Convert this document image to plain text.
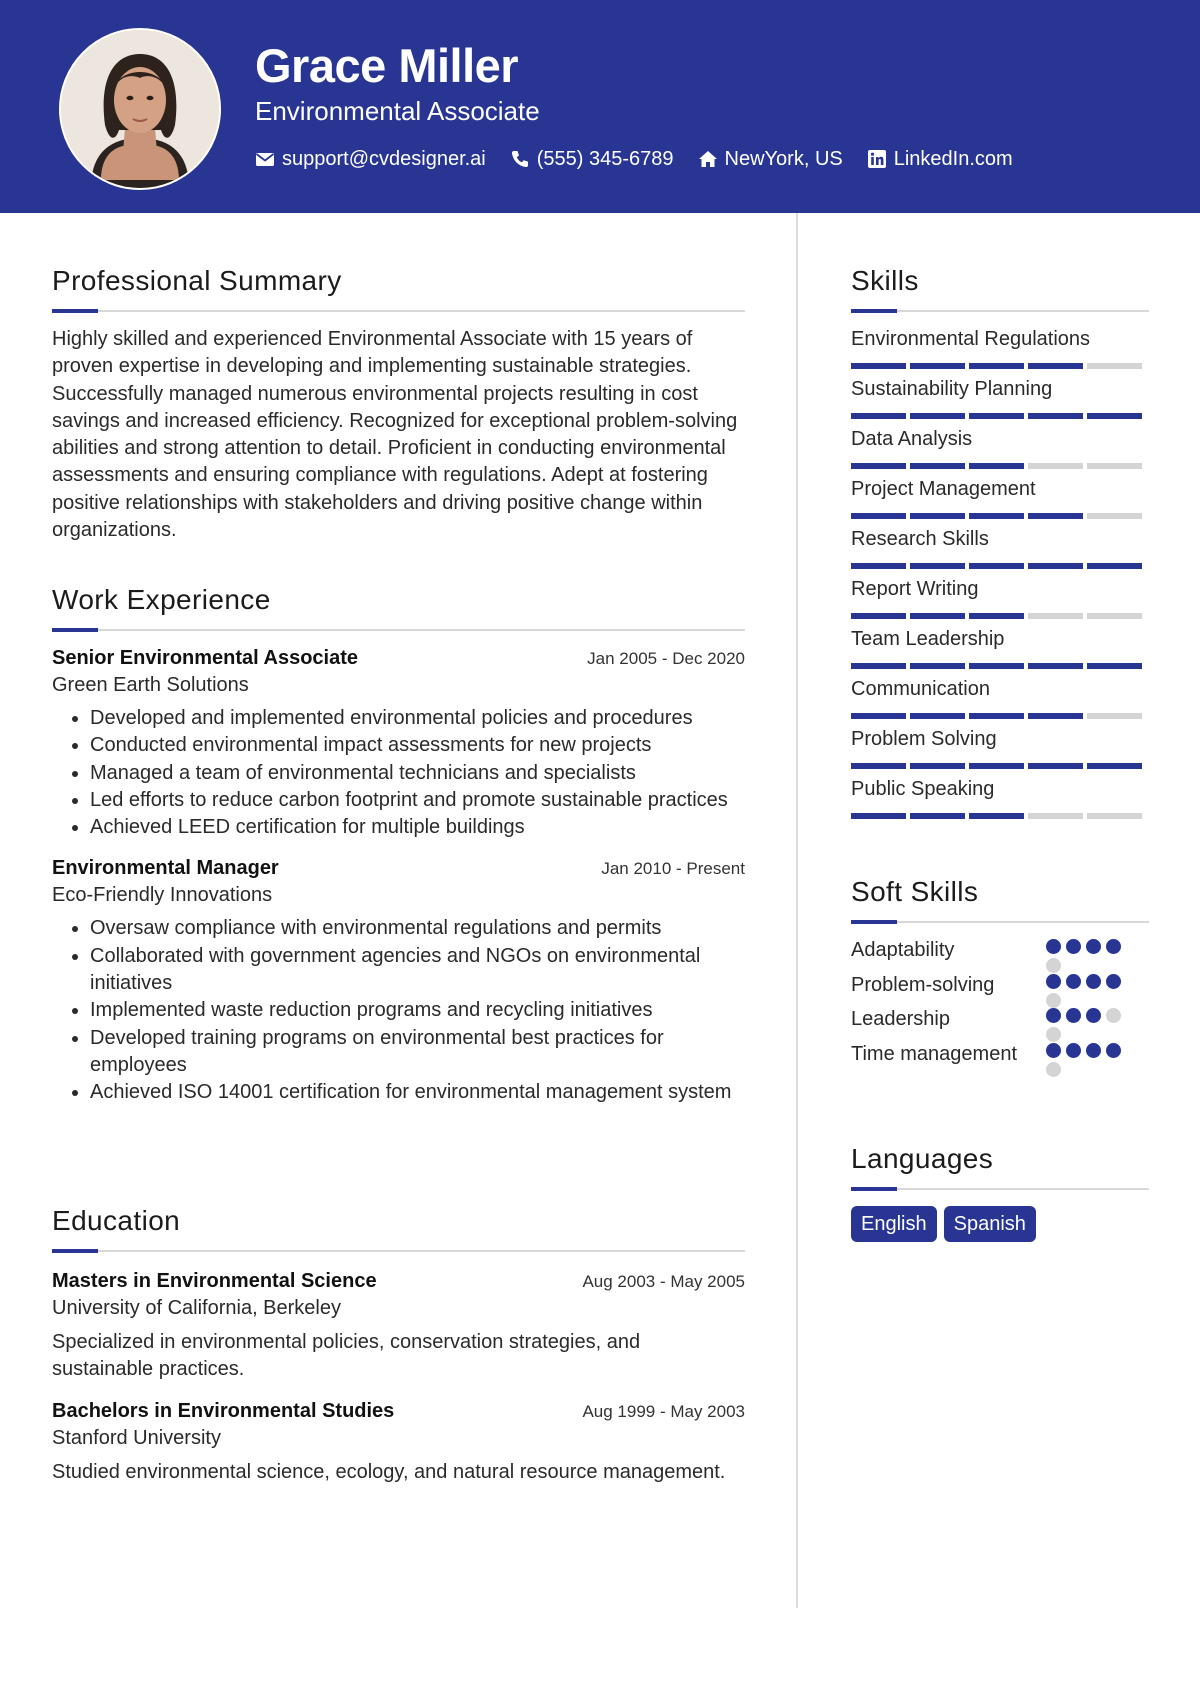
Grace Miller
Environmental Associate
support@cvdesigner.ai	(555) 345-6789	NewYork, US	LinkedIn.com
Professional Summary

Highly skilled and experienced Environmental Associate with 15 years of proven expertise in developing and implementing sustainable strategies. Successfully managed numerous environmental projects resulting in cost savings and increased efficiency. Recognized for exceptional problem-solving abilities and strong attention to detail. Proficient in conducting environmental assessments and ensuring compliance with regulations. Adept at fostering positive relationships with stakeholders and driving positive change within organizations.

Work Experience
Senior Environmental Associate	Jan 2005 - Dec 2020
Green Earth Solutions
• Developed and implemented environmental policies and procedures
• Conducted environmental impact assessments for new projects
• Managed a team of environmental technicians and specialists
• Led efforts to reduce carbon footprint and promote sustainable practices
• Achieved LEED certification for multiple buildings
Environmental Manager	Jan 2010 - Present
Eco-Friendly Innovations
• Oversaw compliance with environmental regulations and permits
• Collaborated with government agencies and NGOs on environmental initiatives
• Implemented waste reduction programs and recycling initiatives
• Developed training programs on environmental best practices for employees
• Achieved ISO 14001 certification for environmental management system
Education
Masters in Environmental Science	Aug 2003 - May 2005
University of California, Berkeley

Specialized in environmental policies, conservation strategies, and sustainable practices.

Bachelors in Environmental Studies	Aug 1999 - May 2003
Stanford University

Studied environmental science, ecology, and natural resource management.

Skills
Environmental Regulations
Sustainability Planning
Data Analysis
Project Management
Research Skills
Report Writing
Team Leadership
Communication
Problem Solving
Public Speaking
Soft Skills
Adaptability
Problem-solving
Leadership
Time management
Languages
English	Spanish
